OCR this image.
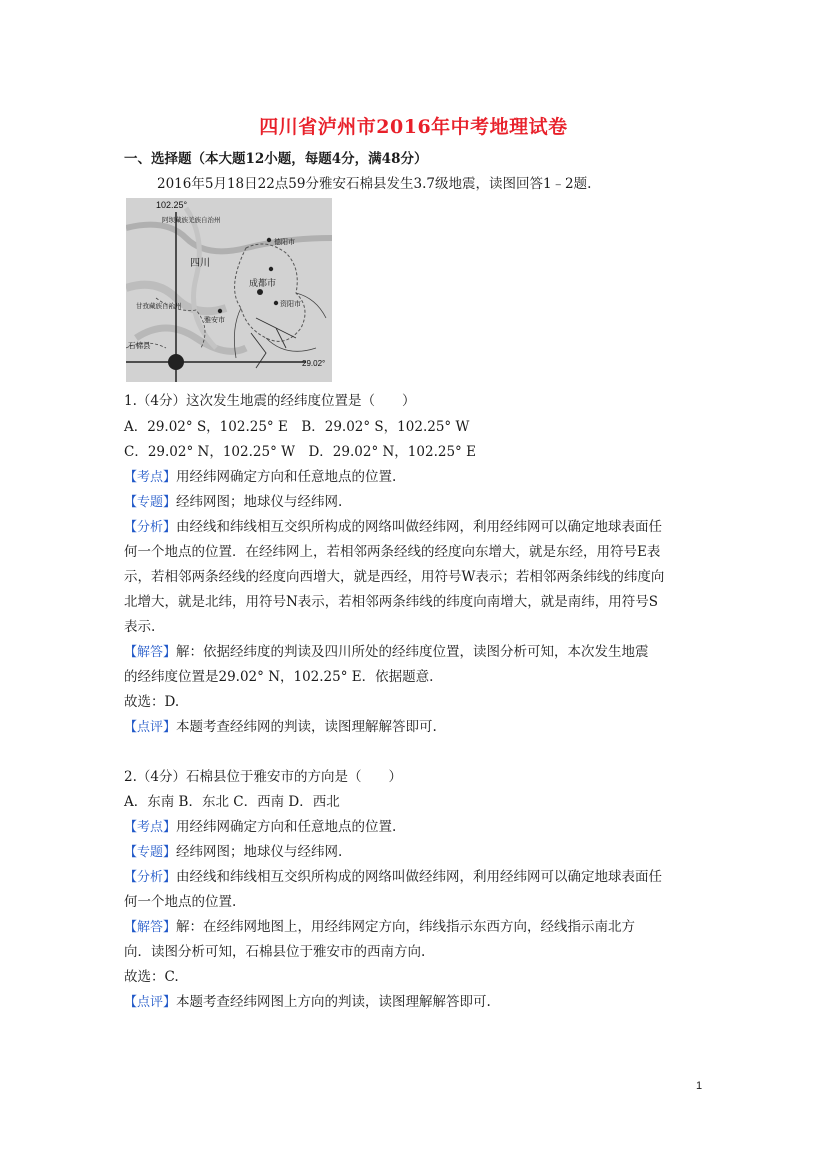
四川省泸州市2016年中考地理试卷
一、选择题（本大题12小题，每题4分，满48分）
2016年5月18日22点59分雅安石棉县发生3.7级地震，读图回答1﹣2题.
102.25°
29.02°
阿坝藏族羌族自治州
四川
德阳市
成都市
资阳市
甘孜藏族自治州
雅安市
石棉县
1.（4分）这次发生地震的经纬度位置是（　　）
A．29.02° S，102.25° E　B．29.02° S，102.25° W
C．29.02° N，102.25° W　D．29.02° N，102.25° E
【考点】用经纬网确定方向和任意地点的位置.
【专题】经纬网图；地球仪与经纬网.
【分析】由经线和纬线相互交织所构成的网络叫做经纬网，利用经纬网可以确定地球表面任
何一个地点的位置．在经纬网上，若相邻两条经线的经度向东增大，就是东经，用符号E表
示，若相邻两条经线的经度向西增大，就是西经，用符号W表示；若相邻两条纬线的纬度向
北增大，就是北纬，用符号N表示，若相邻两条纬线的纬度向南增大，就是南纬，用符号S
表示.
【解答】解：依据经纬度的判读及四川所处的经纬度位置，读图分析可知，本次发生地震
的经纬度位置是29.02° N，102.25° E．依据题意.
故选：D.
【点评】本题考查经纬网的判读，读图理解解答即可.
2.（4分）石棉县位于雅安市的方向是（　　）
A．东南 B．东北 C．西南 D．西北
【考点】用经纬网确定方向和任意地点的位置.
【专题】经纬网图；地球仪与经纬网.
【分析】由经线和纬线相互交织所构成的网络叫做经纬网，利用经纬网可以确定地球表面任
何一个地点的位置.
【解答】解：在经纬网地图上，用经纬网定方向，纬线指示东西方向，经线指示南北方
向．读图分析可知，石棉县位于雅安市的西南方向.
故选：C.
【点评】本题考查经纬网图上方向的判读，读图理解解答即可.
1
